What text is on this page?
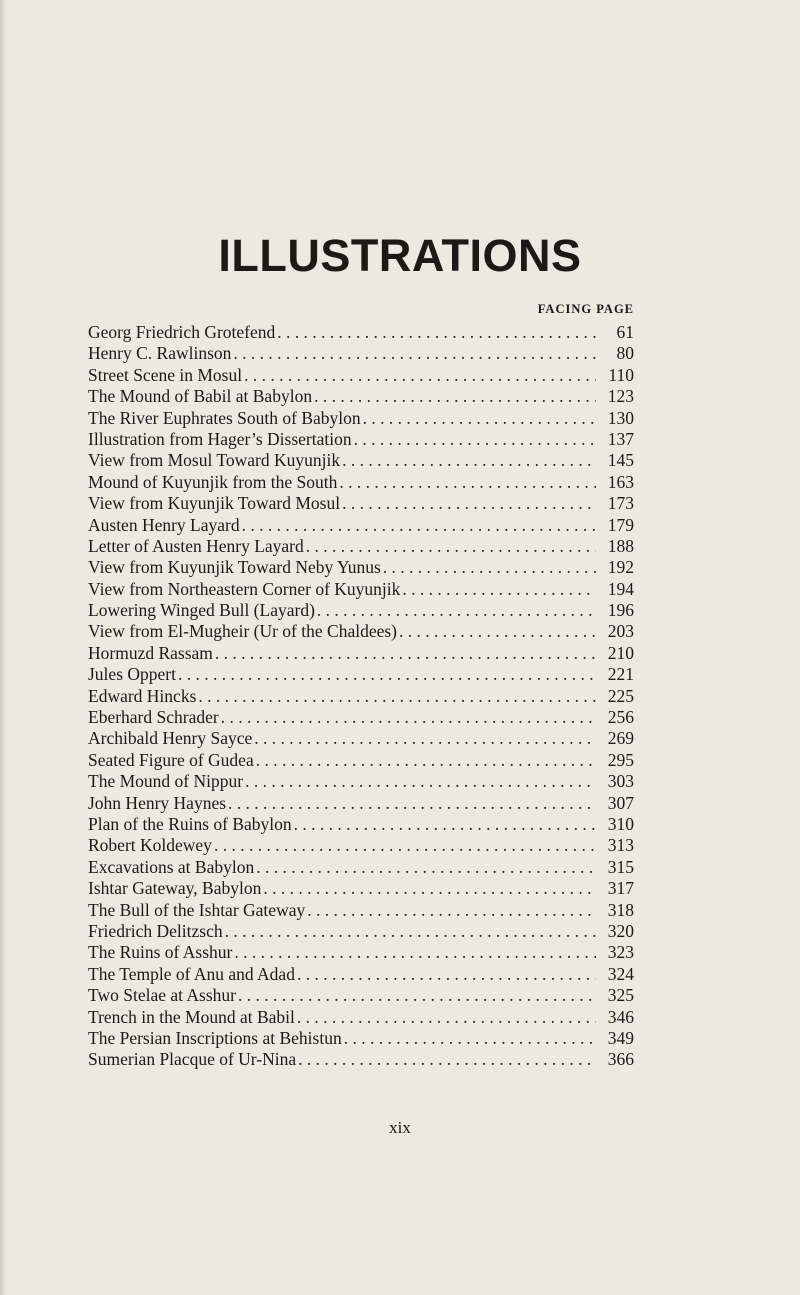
ILLUSTRATIONS
FACING PAGE
Georg Friedrich Grotefend . . .	61
Henry C. Rawlinson . . .	80
Street Scene in Mosul . . .	110
The Mound of Babil at Babylon . . .	123
The River Euphrates South of Babylon . . .	130
Illustration from Hager’s Dissertation . . .	137
View from Mosul Toward Kuyunjik . . .	145
Mound of Kuyunjik from the South . . .	163
View from Kuyunjik Toward Mosul . . .	173
Austen Henry Layard . . .	179
Letter of Austen Henry Layard . . .	188
View from Kuyunjik Toward Neby Yunus . . .	192
View from Northeastern Corner of Kuyunjik . . .	194
Lowering Winged Bull (Layard) . . .	196
View from El-Mugheir (Ur of the Chaldees) . . .	203
Hormuzd Rassam . . .	210
Jules Oppert . . .	221
Edward Hincks . . .	225
Eberhard Schrader . . .	256
Archibald Henry Sayce . . .	269
Seated Figure of Gudea . . .	295
The Mound of Nippur . . .	303
John Henry Haynes . . .	307
Plan of the Ruins of Babylon . . .	310
Robert Koldewey . . .	313
Excavations at Babylon . . .	315
Ishtar Gateway, Babylon . . .	317
The Bull of the Ishtar Gateway . . .	318
Friedrich Delitzsch . . .	320
The Ruins of Asshur . . .	323
The Temple of Anu and Adad . . .	324
Two Stelae at Asshur . . .	325
Trench in the Mound at Babil . . .	346
The Persian Inscriptions at Behistun . . .	349
Sumerian Placque of Ur-Nina . . .	366
xix
